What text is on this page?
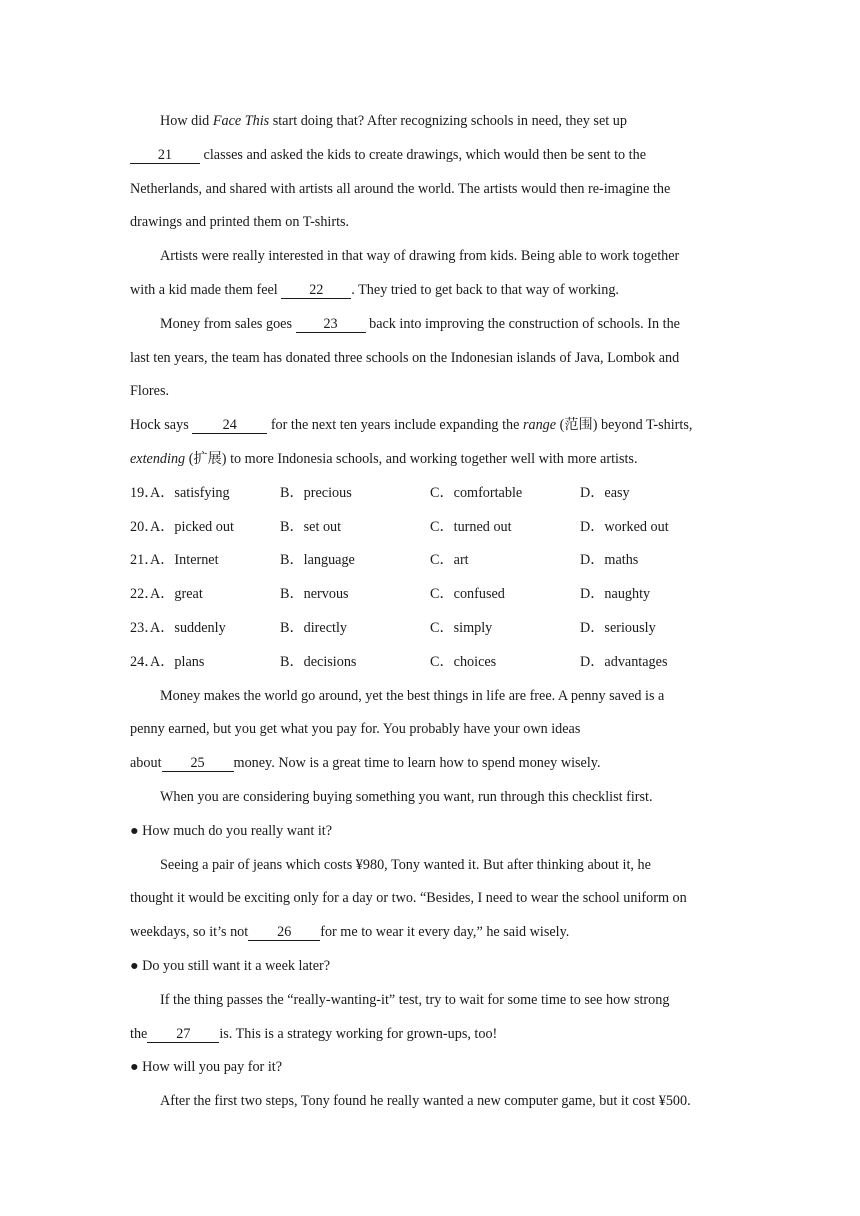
How did Face This start doing that? After recognizing schools in need, they set up
21 classes and asked the kids to create drawings, which would then be sent to the
Netherlands, and shared with artists all around the world. The artists would then re-imagine the
drawings and printed them on T-shirts.
Artists were really interested in that way of drawing from kids. Being able to work together
with a kid made them feel 22 . They tried to get back to that way of working.
Money from sales goes 23 back into improving the construction of schools. In the
last ten years, the team has donated three schools on the Indonesian islands of Java, Lombok and
Flores.
Hock says 24 for the next ten years include expanding the range (范围) beyond T-shirts,
extending (扩展) to more Indonesia schools, and working together well with more artists.
19．
A．satisfying	B．precious	C．comfortable	D．easy
20．
A．picked out	B．set out	C．turned out	D．worked out
21．
A．Internet	B．language	C．art	D．maths
22．
A．great	B．nervous	C．confused	D．naughty
23．
A．suddenly	B．directly	C．simply	D．seriously
24．
A．plans	B．decisions	C．choices	D．advantages
Money makes the world go around, yet the best things in life are free. A penny saved is a
penny earned, but you get what you pay for. You probably have your own ideas
about 25 money. Now is a great time to learn how to spend money wisely.
When you are considering buying something you want, run through this checklist first.
● How much do you really want it?
Seeing a pair of jeans which costs ¥980, Tony wanted it. But after thinking about it, he
thought it would be exciting only for a day or two. “Besides, I need to wear the school uniform on
weekdays, so it’s not 26 for me to wear it every day,” he said wisely.
● Do you still want it a week later?
If the thing passes the “really-wanting-it” test, try to wait for some time to see how strong
the 27 is. This is a strategy working for grown-ups, too!
● How will you pay for it?
After the first two steps, Tony found he really wanted a new computer game, but it cost ¥500.
